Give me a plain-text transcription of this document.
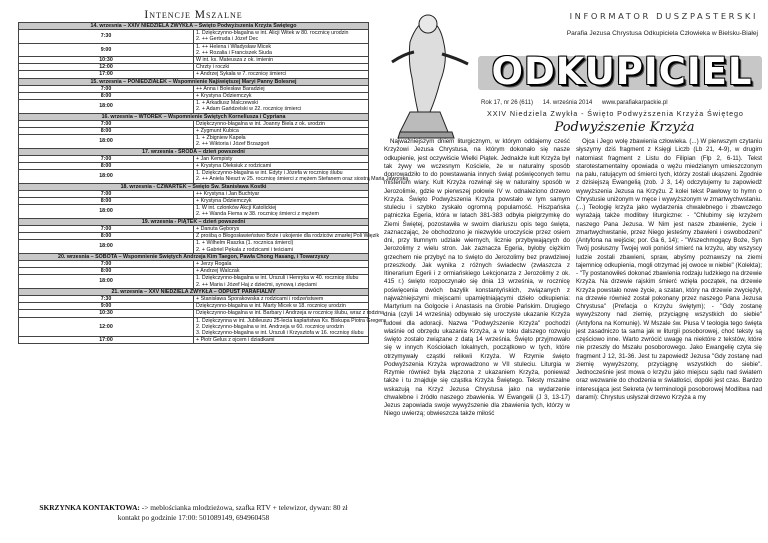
Intencje Mszalne
14. wrzesnia – XXIV NIEDZIELA ZWYKŁA – Święto Podwyższenia Krzyża Świętego	
7:30	1. Dziękczynno-błagalna w int. Alicji Witek w 80. rocznicę urodzin
2. ++ Gertruda i Józef Dec

9:00	1. ++ Helena i Władysław Micek
2. ++ Rozalia i Franciszek Siuda

10:30	W int. ks. Mateusza z ok. imienin

12:00	Chrzty i roczki

17:00	+ Andrzej Sykała w 7. rocznicę śmierci

15. wrzesnia – PONIEDZIAŁEK – Wspomnienie Najświętszej Maryi Panny Bolesnej	
7:00	++ Anna i Bolesław Baradziej

8:00	+ Krystyna Odziemczyk

18:00	1. + Arkadiusz Malczewski
2. + Adam Gańdzelski w 22. rocznicę śmierci

16. wrzesnia – WTOREK – Wspomnienie Świętych Korneliusza i Cypriana	
7:00	Dziękczynno-błagalna w int. Joanny Biela z ok. urodzin

8:00	+ Zygmunt Kubica

18:00	1. + Zbigniew Kapeła
2. ++ Wiktoria i Józef Brzazgoń

17. wrzesnia - ŚRODA – dzień powszedni	
7:00	+ Jan Kempisty

8:00	+ Krystyna Oleksiuk z rodzicami

18:00	1. Dziękczynno-błagalna w int. Edyty i Józefa w rocznicę ślubu
2. ++ Aniela Nieszt w 25. rocznicę śmierci z mężem Stefanem oraz siostrą Marią Jaworską

18. wrzesnia - CZWARTEK – Święto Św. Stanisława Kostki	
7:00	++ Krystyna i Jan Buchtyar

8:00	+ Krystyna Odziemczyk

18:00	1. W int. członków Akcji Katolickiej
2. ++ Wanda Fiema w 38. rocznicę śmierci z mężem

19. wrzesnia - PIĄTEK – dzień powszedni	
7:00	+ Danuta Gęborys

8:00	Z prośbą o Błogosławieństwo Boże i ukojenie dla rodziców zmarłej Poli Więzik

18:00	1. + Wilhelm Raszka (1. rocznica śmierci)
2. + Gabriel Pękala z rodzicami i teściami

20. wrzesnia – SOBOTA – Wspomnienie Świętych Andrzeja Kim Taegon, Pawła Chong Hasang, i Towarzyszy	
7:00	+ Jerzy Rogala

8:00	+ Andrzej Walczak

18:00	1. Dziękczynno-błagalna w int. Urszuli i Henryka w 40. rocznicę ślubu
2. ++ Maria i Józef Haj z dziećmi, synową i zięciami

21. wrzesnia – XXV NIEDZIELA ZWYKŁA – ODPUST PARAFIALNY	
7:30	+ Stanisława Sporakowska z rodzicami i rodzeństwem

9:00	Dziękczynno-błagalna w int. Marty Micek w 18. rocznicę urodzin

10:30	Dziękczynno-błagalna w int. Barbary i Andrzeja w rocznicę ślubu, wraz z rodziną

12:00	1. Dziękczynna w int. Jubileuszu 25-lecia kapłaństwa Ks. Biskupa Piotra Gregera
2. Dziękczynno-błagalna w int. Andrzeja w 60. rocznicę urodzin
3. Dziękczynno-błagalna w int. Urszuli i Krzysztofa w 16. rocznicę ślubu

17:00	+ Piotr Gelus z ojcem i dziadkami
SKRZYNKA KONTAKTOWA: -> meblościanka młodzieżowa, szafka RTV + telewizor, dywan: 80 zł
kontakt po godzinie 17:00: 501089149, 694960458
INFORMATOR DUSZPASTERSKI
Parafia Jezusa Chrystusa Odkupiciela Człowieka w Bielsku-Białej
ODKUPICIEL
Rok 17, nr 26 (611) 14. września 2014 www.parafiakarpackie.pl
XXIV Niedziela Zwykła - Święto Podwyższenia Krzyża Świętego
Podwyższenie Krzyża

Najważniejszym dniem liturgicznym, w którym oddajemy cześć Krzyżowi Jezusa Chrystusa, na którym dokonało się nasze odkupienie, jest oczywiście Wielki Piątek. Jednakże kult Krzyża był tak żywy we wczesnym Kościele, że w naturalny sposób doprowadziło to do powstawania innych świąt poświęconych temu misterium wiary. Kult Krzyża rozwinął się w naturalny sposób w Jerozolimie, gdzie w pierwszej połowie IV w. odnaleziono drzewo Krzyża. Święto Podwyższenia Krzyża powstało w tym samym stuleciu i szybko zyskało ogromną popularność. Hiszpańska pątniczka Egeria, która w latach 381-383 odbyła pielgrzymkę do Ziemi Świętej, pozostawiła w swoim diariuszu opis tego święta, zaznaczając, że obchodzono je niezwykle uroczyście przez osiem dni, przy tłumnym udziale wiernych, licznie przybywających do Jerozolimy z wielu stron. Jak zaznacza Egeria, byłoby ciężkim grzechem nie przybyć na to święto do Jerozolimy bez prawdziwej przeszkody. Jak wynika z różnych świadectw (zwłaszcza z Itinerarium Egerii i z ormiańskiego Lekcjonarza z Jerozolimy z ok. 415 r.) święto rozpoczynało się dnia 13 września, w rocznicę poświęcenia dwóch bazylik konstantyńskich, związanych z najważniejszymi miejscami upamiętniającymi dzieło odkupienia: Martyrium na Golgocie i Anastasis na Grobie Pańskim. Drugiego dnia (czyli 14 września) odbywało się uroczyste ukazanie Krzyża ludowi dla adoracji. Nazwa "Podwyższenie Krzyża" pochodzi właśnie od obrzędu ukazania Krzyża, a w toku dalszego rozwoju święto zostało związane z datą 14 września. Święto przyjmowało się w innych Kościołach lokalnych, początkowo w tych, które otrzymywały cząstki relikwii Krzyża. W Rzymie święto Podwyższenia Krzyża wprowadzono w VII stuleciu. Liturgia w Rzymie również była złączona z ukazaniem Krzyża, ponieważ także i tu znajduje się cząstka Krzyża Świętego. Teksty mszalne wskazują na Krzyż Jezusa Chrystusa jako na wydarzenie chwalebne i źródło naszego zbawienia. W Ewangelii (J 3, 13-17) Jezus zapowiada swoje wywyższenie dla zbawienia tych, którzy w Niego uwierzą; obwieszcza także miłość

Ojca i Jego wolę zbawienia człowieka. (...) W pierwszym czytaniu słyszymy dziś fragment z Księgi Liczb (Lb 21, 4-9), w drugim natomiast fragment z Listu do Filipian (Flp 2, 6-11). Tekst starotestamentalny opowiada o wężu miedzianym umieszczonym na palu, ratującym od śmierci tych, którzy zostali ukąszeni. Zgodnie z dzisiejszą Ewangelią (zob. J 3, 14) odczytujemy tu zapowiedź wywyższenia Jezusa na Krzyżu. Z kolei tekst Pawłowy to hymn o Chrystusie uniżonym w męce i wywyższonym w zmartwychwstaniu. (...) Teologię krzyża jako wydarzenia chwalebnego i zbawczego wyrażają także modlitwy liturgiczne: - "Chlubimy się krzyżem naszego Pana Jezusa. W Nim jest nasze zbawienie, życie i zmartwychwstanie, przez Niego jesteśmy zbawieni i oswobodzeni" (Antyfona na wejście; por. Ga 6, 14); - "Wszechmogący Boże, Syn Twój posłuszny Twojej woli poniósł śmierć na krzyżu, aby wszyscy ludzie zostali zbawieni, spraw, abyśmy poznawszy na ziemi tajemnicę odkupienia, mogli otrzymać jej owoce w niebie" (Kolekta); - "Ty postanowiłeś dokonać zbawienia rodzaju ludzkiego na drzewie Krzyża. Na drzewie rajskim śmierć wzięła początek, na drzewie Krzyża powstało nowe życie, a szatan, który na drzewie zwyciężył, na drzewie również został pokonany przez naszego Pana Jezusa Chrystusa" (Prefacja o Krzyżu świętym); - "Gdy zostanę wywyższony nad ziemię, przyciągnę wszystkich do siebie" (Antyfona na Komunię). W Mszale św. Piusa V teologia tego święta jest zasadniczo ta sama jak w liturgii posoborowej, choć teksty są częściowo inne. Warto zwrócić uwagę na niektóre z tekstów, które nie przeszły do Mszału posoborowego. Jako Ewangelię czyta się fragment J 12, 31-36. Jest tu zapowiedź Jezusa "Gdy zostanę nad ziemię wywyższony, przyciągnę wszystkich do siebie". Jednocześnie jest mowa o krzyżu jako miejscu sądu nad światem oraz wezwanie do chodzenia w światłości, dopóki jest czas. Bardzo interesująca jest Sekreta (w terminologii posoborowej Modlitwa nad darami): Chrystus usłyszał drzewo Krzyża a my
